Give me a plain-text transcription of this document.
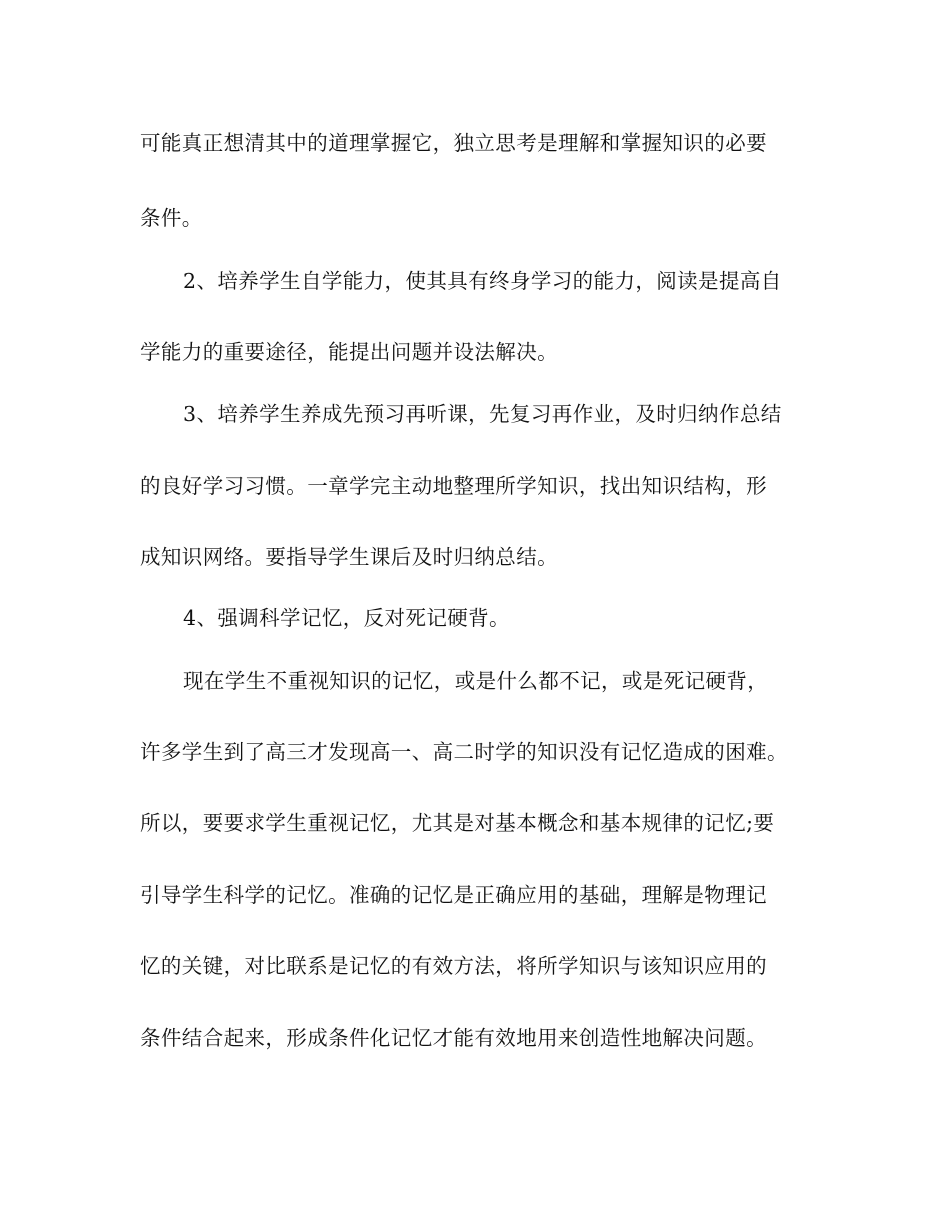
可能真正想清其中的道理掌握它，独立思考是理解和掌握知识的必要

条件。

2、培养学生自学能力，使其具有终身学习的能力，阅读是提高自

学能力的重要途径，能提出问题并设法解决。

3、培养学生养成先预习再听课，先复习再作业，及时归纳作总结

的良好学习习惯。一章学完主动地整理所学知识，找出知识结构，形

成知识网络。要指导学生课后及时归纳总结。

4、强调科学记忆，反对死记硬背。

现在学生不重视知识的记忆，或是什么都不记，或是死记硬背，

许多学生到了高三才发现高一、高二时学的知识没有记忆造成的困难。

所以，要要求学生重视记忆，尤其是对基本概念和基本规律的记忆;要

引导学生科学的记忆。准确的记忆是正确应用的基础，理解是物理记

忆的关键，对比联系是记忆的有效方法，将所学知识与该知识应用的

条件结合起来，形成条件化记忆才能有效地用来创造性地解决问题。
